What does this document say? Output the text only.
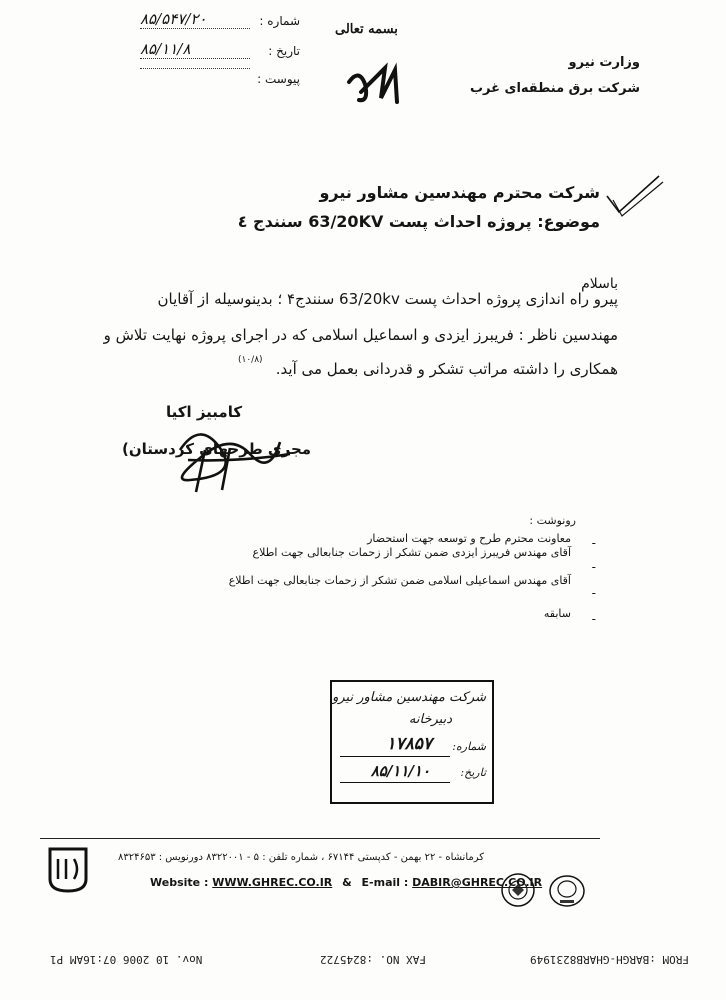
بسمه تعالی
شماره :
۸۵/۵۴۷/۲۰
تاریخ :
۸۵/۱۱/۸
پیوست :
وزارت نیرو
شرکت برق منطقه‌ای غرب
شرکت محترم مهندسین مشاور نیرو
موضوع: پروژه احداث پست 63/20KV سنندج ٤
باسلام
پیرو راه اندازی پروژه احداث پست 63/20kv سنندج۴ ؛ بدینوسیله از آقایان
مهندسین ناظر : فریبرز ایزدی و اسماعیل اسلامی که در اجرای پروژه نهایت تلاش و
همکاری را داشته مراتب تشکر و قدردانی بعمل می آید.
(۱۰/۸)
کامبیز اکیا
مجری طرحهای کردستان)
رونوشت :
-
معاونت محترم طرح و توسعه جهت استحضار
-
آقای مهندس فریبرز ایزدی ضمن تشکر از زحمات جنابعالی جهت اطلاع
-
آقای مهندس اسماعیلی اسلامی ضمن تشکر از زحمات جنابعالی جهت اطلاع
-
سابقه
شرکت مهندسین مشاور نیرو
دبیرخانه
شماره:
۱۷۸۵۷
تاریخ:
۸۵/۱۱/۱۰
کرمانشاه - ۲۲ بهمن - کدپستی ۶۷۱۴۴ ، شماره تلفن : ۵ - ۸۳۲۲۰۰۱ دورنویس : ۸۳۲۴۶۵۳
Website : WWW.GHREC.CO.IR & E-mail : DABIR@GHREC.CO.IR
FROM :BARGH-GHARB8231949
FAX NO. :8245722
Nov. 10 2006 07:16AM P1
